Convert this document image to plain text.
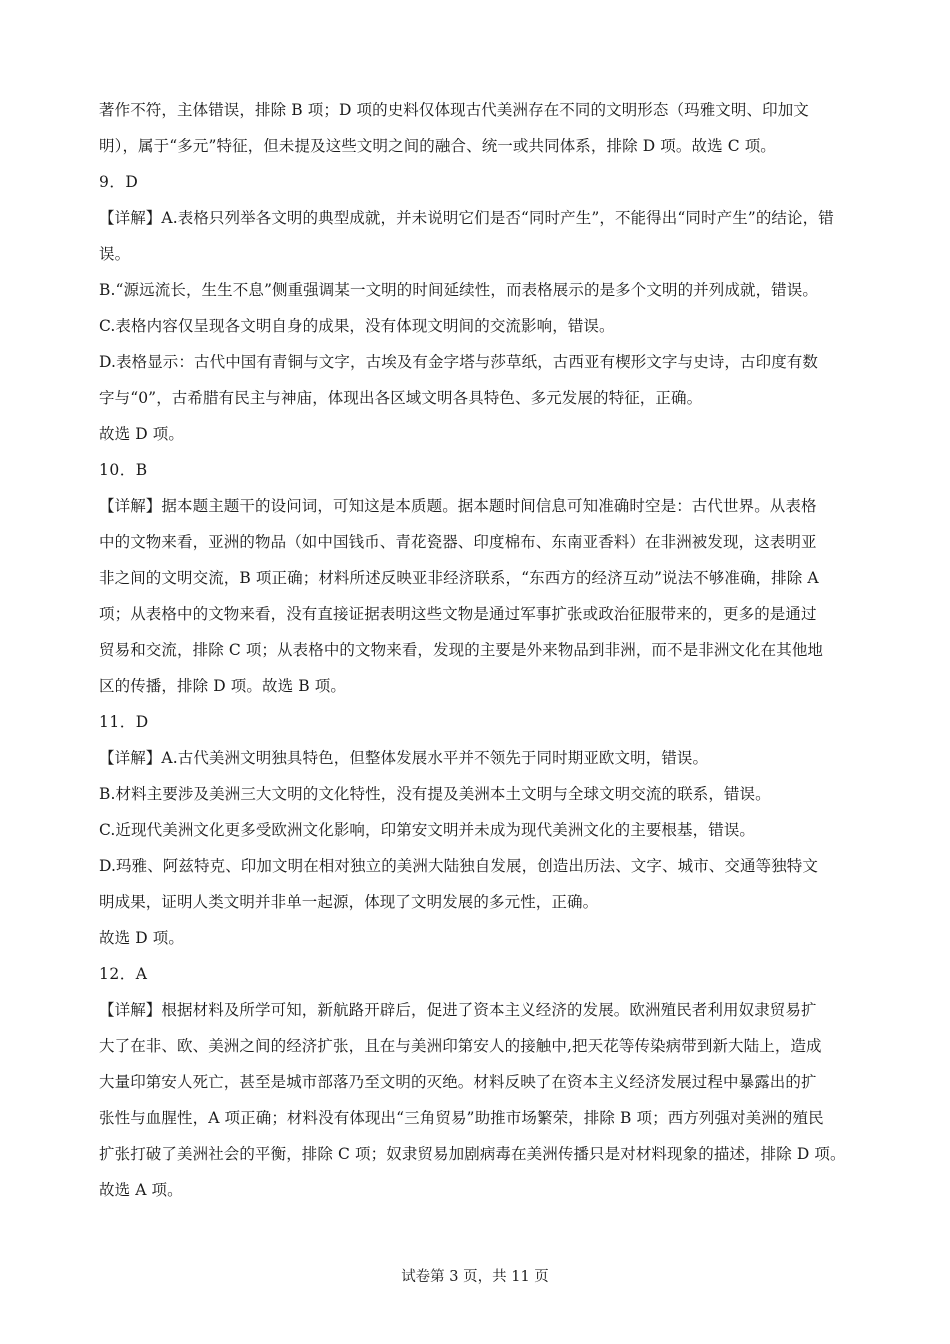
著作不符，主体错误，排除 B 项；D 项的史料仅体现古代美洲存在不同的文明形态（玛雅文明、印加文
明），属于“多元”特征，但未提及这些文明之间的融合、统一或共同体系，排除 D 项。故选 C 项。
9．D
【详解】A.表格只列举各文明的典型成就，并未说明它们是否“同时产生”，不能得出“同时产生”的结论，错
误。
B.“源远流长，生生不息”侧重强调某一文明的时间延续性，而表格展示的是多个文明的并列成就，错误。
C.表格内容仅呈现各文明自身的成果，没有体现文明间的交流影响，错误。
D.表格显示：古代中国有青铜与文字，古埃及有金字塔与莎草纸，古西亚有楔形文字与史诗，古印度有数
字与“0”，古希腊有民主与神庙，体现出各区域文明各具特色、多元发展的特征，正确。
故选 D 项。
10．B
【详解】据本题主题干的设问词，可知这是本质题。据本题时间信息可知准确时空是：古代世界。从表格
中的文物来看，亚洲的物品（如中国钱币、青花瓷器、印度棉布、东南亚香料）在非洲被发现，这表明亚
非之间的文明交流，B 项正确；材料所述反映亚非经济联系，“东西方的经济互动”说法不够准确，排除 A
项；从表格中的文物来看，没有直接证据表明这些文物是通过军事扩张或政治征服带来的，更多的是通过
贸易和交流，排除 C 项；从表格中的文物来看，发现的主要是外来物品到非洲，而不是非洲文化在其他地
区的传播，排除 D 项。故选 B 项。
11．D
【详解】A.古代美洲文明独具特色，但整体发展水平并不领先于同时期亚欧文明，错误。
B.材料主要涉及美洲三大文明的文化特性，没有提及美洲本土文明与全球文明交流的联系，错误。
C.近现代美洲文化更多受欧洲文化影响，印第安文明并未成为现代美洲文化的主要根基，错误。
D.玛雅、阿兹特克、印加文明在相对独立的美洲大陆独自发展，创造出历法、文字、城市、交通等独特文
明成果，证明人类文明并非单一起源，体现了文明发展的多元性，正确。
故选 D 项。
12．A
【详解】根据材料及所学可知，新航路开辟后，促进了资本主义经济的发展。欧洲殖民者利用奴隶贸易扩
大了在非、欧、美洲之间的经济扩张，且在与美洲印第安人的接触中,把天花等传染病带到新大陆上，造成
大量印第安人死亡，甚至是城市部落乃至文明的灭绝。材料反映了在资本主义经济发展过程中暴露出的扩
张性与血腥性，A 项正确；材料没有体现出“三角贸易”助推市场繁荣，排除 B 项；西方列强对美洲的殖民
扩张打破了美洲社会的平衡，排除 C 项；奴隶贸易加剧病毒在美洲传播只是对材料现象的描述，排除 D 项。
故选 A 项。
试卷第 3 页，共 11 页
